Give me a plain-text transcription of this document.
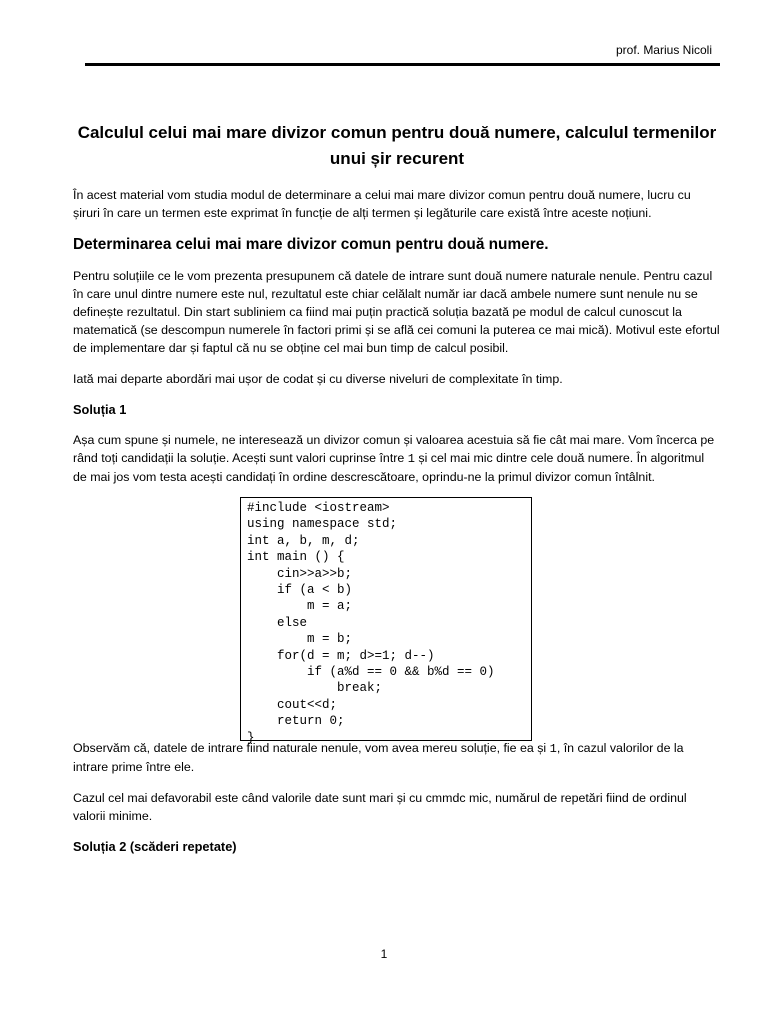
prof. Marius Nicoli
Calculul celui mai mare divizor comun pentru două numere, calculul termenilor unui șir recurent

În acest material vom studia modul de determinare a celui mai mare divizor comun pentru două numere, lucru cu șiruri în care un termen este exprimat în funcție de alți termen și legăturile care există între aceste noțiuni.

Determinarea celui mai mare divizor comun pentru două numere.

Pentru soluțiile ce le vom prezenta presupunem că datele de intrare sunt două numere naturale nenule. Pentru cazul în care unul dintre numere este nul, rezultatul este chiar celălalt număr iar dacă ambele numere sunt nenule nu se definește rezultatul. Din start subliniem ca fiind mai puțin practică soluția bazată pe modul de calcul cunoscut la matematică (se descompun numerele în factori primi și se află cei comuni la puterea ce mai mică). Motivul este efortul de implementare dar și faptul că nu se obține cel mai bun timp de calcul posibil.

Iată mai departe abordări mai ușor de codat și cu diverse niveluri de complexitate în timp.

Soluția 1

Așa cum spune și numele, ne interesează un divizor comun și valoarea acestuia să fie cât mai mare. Vom încerca pe rând toți candidații la soluție. Acești sunt valori cuprinse între 1 și cel mai mic dintre cele două numere. În algoritmul de mai jos vom testa acești candidați în ordine descrescătoare, oprindu-ne la primul divizor comun întâlnit.

#include <iostream>
using namespace std;
int a, b, m, d;
int main () {
cin>>a>>b;
if (a < b)
m = a;
else
m = b;
for(d = m; d>=1; d--)
if (a%d == 0 && b%d == 0)
break;
cout<<d;
return 0;
}

Observăm că, datele de intrare fiind naturale nenule, vom avea mereu soluție, fie ea și 1, în cazul valorilor de la intrare prime între ele.

Cazul cel mai defavorabil este când valorile date sunt mari și cu cmmdc mic, numărul de repetări fiind de ordinul valorii minime.

Soluția 2 (scăderi repetate)
1
